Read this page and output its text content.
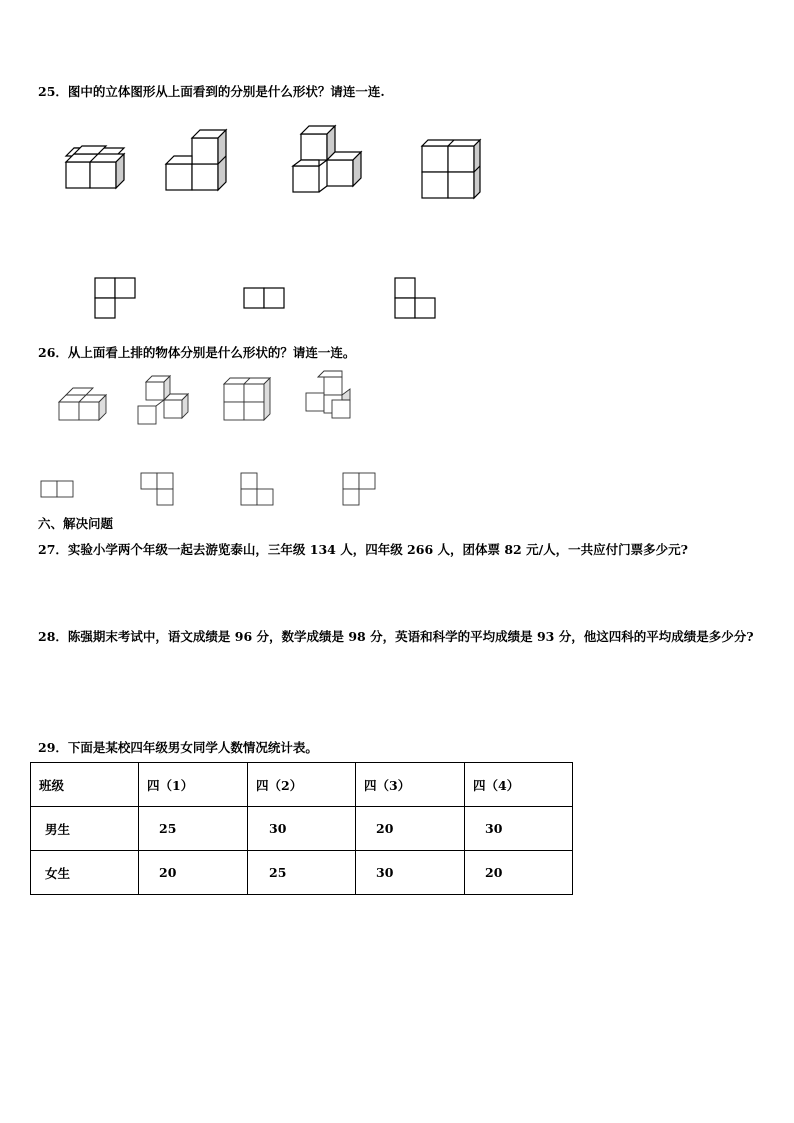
25．图中的立体图形从上面看到的分别是什么形状？请连一连.
26．从上面看上排的物体分别是什么形状的？请连一连。
六、解决问题
27．实验小学两个年级一起去游览泰山，三年级 134 人，四年级 266 人，团体票 82 元/人，一共应付门票多少元?
28．陈强期末考试中，语文成绩是 96 分，数学成绩是 98 分，英语和科学的平均成绩是 93 分，他这四科的平均成绩是多少分?
29．下面是某校四年级男女同学人数情况统计表。
班级	四（1）	四（2）	四（3）	四（4）
男生	25	30	20	30
女生	20	25	30	20
